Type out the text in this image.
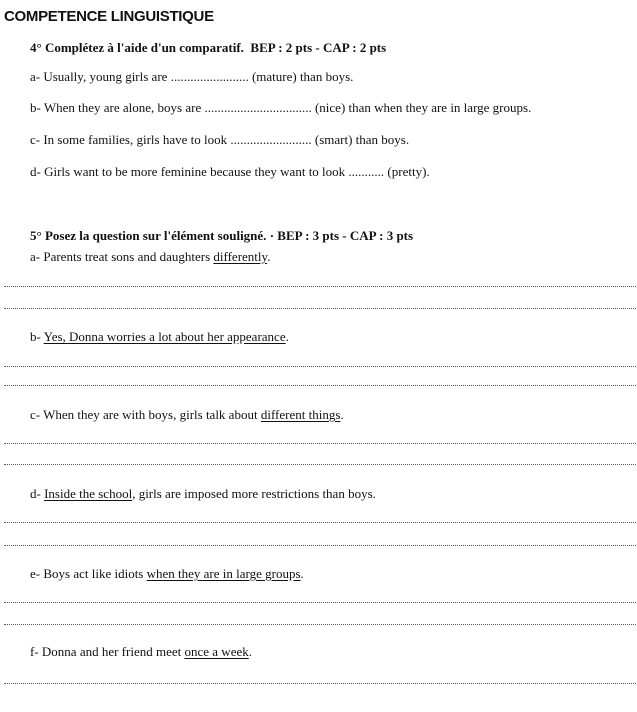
COMPETENCE LINGUISTIQUE
4° Complétez à l'aide d'un comparatif. BEP : 2 pts - CAP : 2 pts
a- Usually, young girls are ........................ (mature) than boys.
b- When they are alone, boys are ................................. (nice) than when they are in large groups.
c- In some families, girls have to look ......................... (smart) than boys.
d- Girls want to be more feminine because they want to look ........... (pretty).
5° Posez la question sur l'élément souligné. · BEP : 3 pts - CAP : 3 pts
a- Parents treat sons and daughters differently.
b- Yes, Donna worries a lot about her appearance.
c- When they are with boys, girls talk about different things.
d- Inside the school, girls are imposed more restrictions than boys.
e- Boys act like idiots when they are in large groups.
f- Donna and her friend meet once a week.
